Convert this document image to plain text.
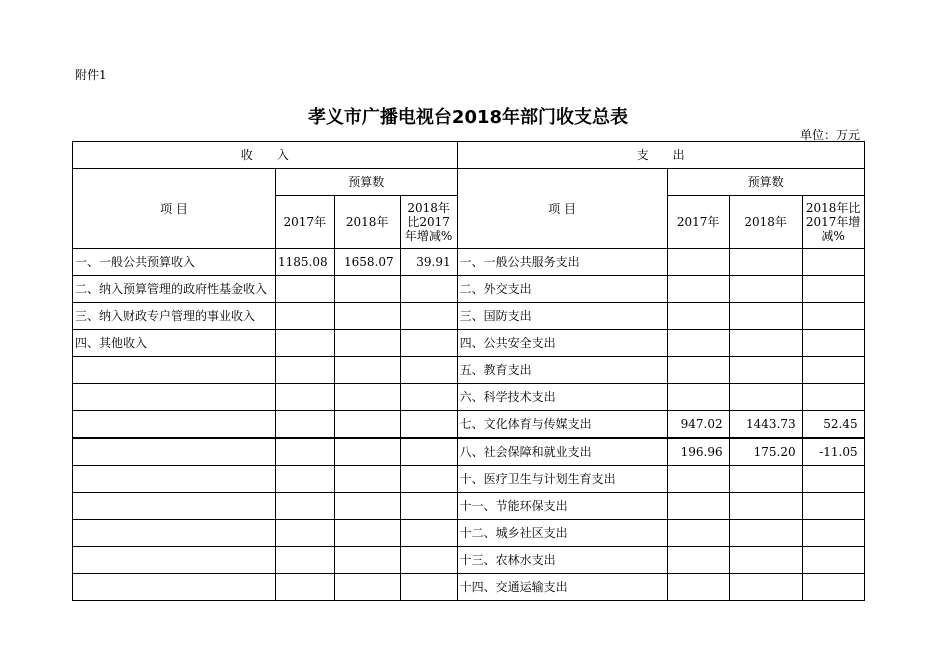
附件1
孝义市广播电视台2018年部门收支总表
单位：万元
收　　入				支　　出			
项 目	预算数			项 目	预算数		
	2017年	2018年	2018年比2017年增减%		2017年	2018年	2018年比2017年增减%
一、一般公共预算收入	1185.08	1658.07	39.91	一、一般公共服务支出			
二、纳入预算管理的政府性基金收入				二、外交支出			
三、纳入财政专户管理的事业收入				三、国防支出			
四、其他收入				四、公共安全支出			
				五、教育支出			
				六、科学技术支出			
				七、文化体育与传媒支出	947.02	1443.73	52.45
				八、社会保障和就业支出	196.96	175.20	-11.05
				十、医疗卫生与计划生育支出			
				十一、节能环保支出			
				十二、城乡社区支出			
				十三、农林水支出			
				十四、交通运输支出			
